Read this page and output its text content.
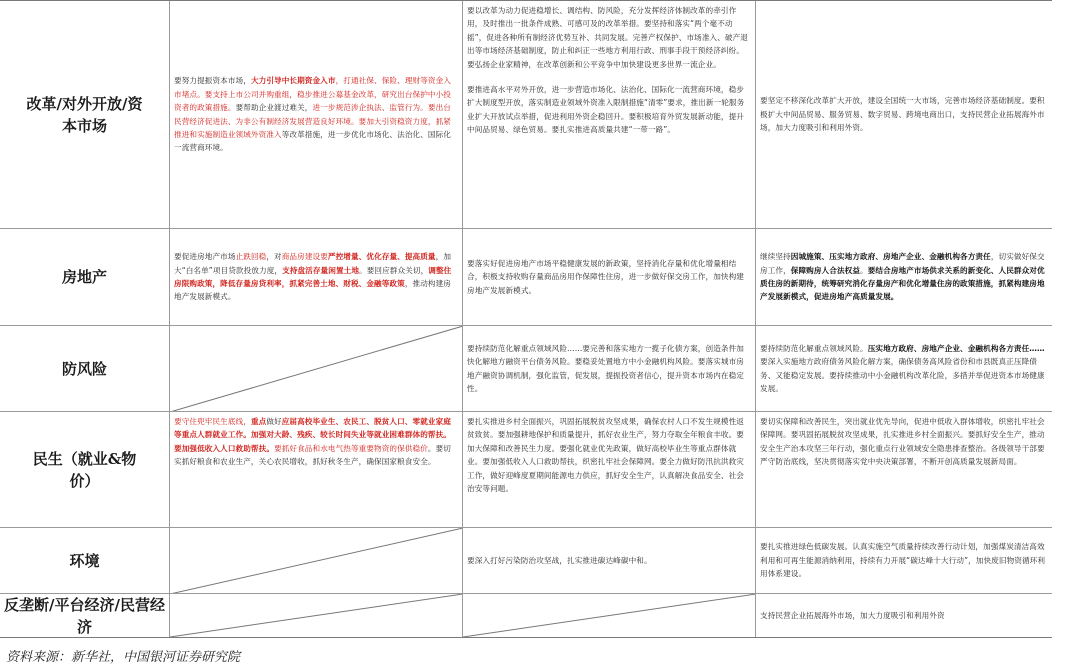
改革/对外开放/资本市场
要努力提振资本市场，大力引导中长期资金入市，打通社保、保险、理财等资金入市堵点。要支持上市公司并购重组，稳步推进公募基金改革，研究出台保护中小投资者的政策措施。要帮助企业渡过难关，进一步规范涉企执法、监管行为。要出台民营经济促进法、为非公有制经济发展营造良好环境。要加大引资稳资力度，抓紧推进和实施制造业领域外资准入等改革措施，进一步优化市场化、法治化、国际化一流营商环境。
要以改革为动力促进稳增长、调结构、防风险，充分发挥经济体制改革的牵引作用，及时推出一批条件成熟、可感可及的改革举措。要坚持和落实“两个毫不动摇”，促进各种所有制经济优势互补、共同发展。完善产权保护、市场准入、破产退出等市场经济基础制度，防止和纠正一些地方利用行政、刑事手段干预经济纠纷。要弘扬企业家精神，在改革创新和公平竞争中加快建设更多世界一流企业。
要推进高水平对外开放，进一步营造市场化、法治化、国际化一流营商环境，稳步扩大制度型开放，落实制造业领域外资准入限制措施“清零”要求，推出新一轮服务业扩大开放试点举措，促进利用外资企稳回升。要积极培育外贸发展新动能，提升中间品贸易、绿色贸易。要扎实推进高质量共建“一带一路”。
要坚定不移深化改革扩大开放，建设全国统一大市场，完善市场经济基础制度。要积极扩大中间品贸易、服务贸易、数字贸易、跨境电商出口，支持民营企业拓展海外市场，加大力度吸引和利用外资。
房地产
要促进房地产市场止跌回稳，对商品房建设要严控增量、优化存量、提高质量，加大“白名单”项目贷款投放力度，支持盘活存量闲置土地。要回应群众关切，调整住房限购政策，降低存量房贷利率，抓紧完善土地、财税、金融等政策，推动构建房地产发展新模式。
要落实好促进房地产市场平稳健康发展的新政策，坚持消化存量和优化增量相结合，积极支持收购存量商品房用作保障性住房，进一步做好保交房工作，加快构建房地产发展新模式。
继续坚持因城施策、压实地方政府、房地产企业、金融机构各方责任，切实做好保交房工作，保障购房人合法权益。要结合房地产市场供求关系的新变化、人民群众对优质住房的新期待，统筹研究消化存量房产和优化增量住房的政策措施，抓紧构建房地产发展新模式，促进房地产高质量发展。
防风险
要持续防范化解重点领域风险……要完善和落实地方一揽子化债方案，创造条件加快化解地方融资平台债务风险。要稳妥处置地方中小金融机构风险。要落实城市房地产融资协调机制，强化监管，促发展，提振投资者信心，提升资本市场内在稳定性。
要持续防范化解重点领域风险。压实地方政府、房地产企业、金融机构各方责任……要深入实施地方政府债务风险化解方案，确保债务高风险省份和市县既真正压降债务、又能稳定发展。要持续推动中小金融机构改革化险，多措并举促进资本市场健康发展。
民生（就业&物价）
要守住兜牢民生底线，重点做好应届高校毕业生、农民工、脱贫人口、零就业家庭等重点人群就业工作。加强对大龄、残疾、较长时间失业等就业困难群体的帮扶。要加强低收入人口救助帮扶。要抓好食品和水电气热等重要物资的保供稳价。要切实抓好粮食和农业生产，关心农民增收，抓好秋冬生产，确保国家粮食安全。
要扎实推进乡村全面振兴，巩固拓展脱贫攻坚成果，确保农村人口不发生规模性返贫致贫。要加强耕地保护和质量提升，抓好农业生产，努力夺取全年粮食丰收。要加大保障和改善民生力度。要强化就业优先政策，做好高校毕业生等重点群体就业。要加强低收入人口救助帮扶，织密扎牢社会保障网。要全力做好防汛抗洪救灾工作，做好迎峰度夏期间能源电力供应，抓好安全生产，认真解决食品安全、社会治安等问题。
要切实保障和改善民生，突出就业优先导向，促进中低收入群体增收，织密扎牢社会保障网。要巩固拓展脱贫攻坚成果，扎实推进乡村全面振兴。要抓好安全生产，推动安全生产治本攻坚三年行动，强化重点行业领域安全隐患排查整治。各级领导干部要严守防治底线，坚决贯彻落实党中央决策部署，不断开创高质量发展新局面。
环境	要深入打好污染防治攻坚战，扎实推进碳达峰碳中和。
要扎实推进绿色低碳发展。认真实施空气质量持续改善行动计划，加强煤炭清洁高效利用和可再生能源消纳利用，持续有力开展“碳达峰十大行动”，加快废旧物资循环利用体系建设。
反垄断/平台经济/民营经济
支持民营企业拓展海外市场，加大力度吸引和利用外资
资料来源：新华社，中国银河证券研究院
